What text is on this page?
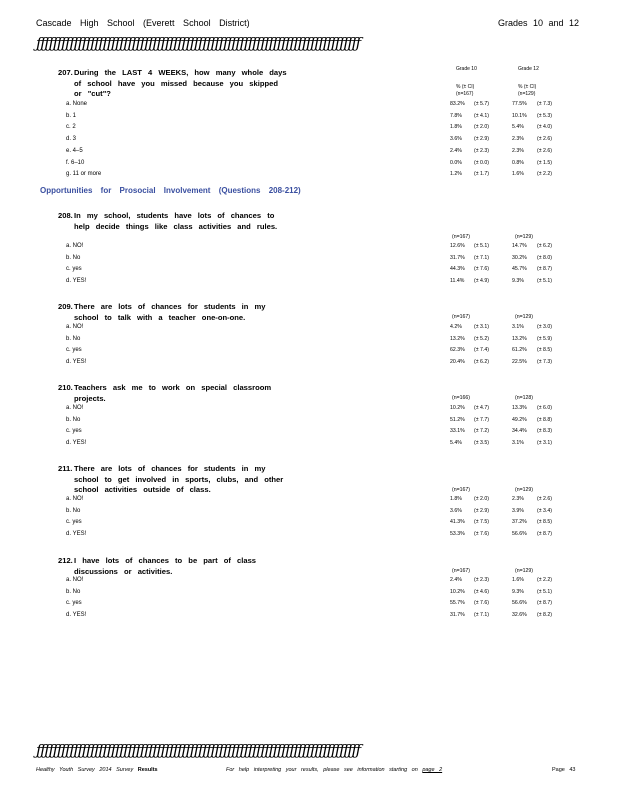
Cascade High School (Everett School District)	Grades 10 and 12
ƒƒƒƒƒƒƒƒƒƒƒƒƒƒƒƒƒƒƒƒƒƒƒƒƒƒƒƒƒƒƒƒƒƒƒƒƒƒƒƒƒƒƒƒƒƒƒƒƒƒƒƒƒƒƒƒƒƒƒƒƒƒƒƒƒƒƒƒƒƒƒƒƒƒƒƒƒƒ
Grade 10	Grade 12
% (± CI)	% (± CI)
(n=167)	(n=129)
207. During the LAST 4 WEEKS, how many whole days of school have you missed because you skipped or "cut"?
Opportunities for Prosocial Involvement (Questions 208-212)
208. In my school, students have lots of chances to help decide things like class activities and rules.
(n=167)	(n=129)
209. There are lots of chances for students in my school to talk with a teacher one-on-one.	(n=167)	(n=129)
210. Teachers ask me to work on special classroom projects.	(n=166)	(n=128)
211. There are lots of chances for students in my school to get involved in sports, clubs, and other school activities outside of class.	(n=167)	(n=129)
212. I have lots of chances to be part of class discussions or activities.	(n=167)	(n=129)
ƒƒƒƒƒƒƒƒƒƒƒƒƒƒƒƒƒƒƒƒƒƒƒƒƒƒƒƒƒƒƒƒƒƒƒƒƒƒƒƒƒƒƒƒƒƒƒƒƒƒƒƒƒƒƒƒƒƒƒƒƒƒƒƒƒƒƒƒƒƒƒƒƒƒƒƒƒƒ
Healthy Youth Survey 2014 Survey Results	For help interpreting your results, please see information starting on page 2	Page 43
a. None	83.2% (± 5.7)	77.5% (± 7.3)
b. 1	7.8% (± 4.1)	10.1% (± 5.3)
c. 2	1.8% (± 2.0)	5.4%	(± 4.0)
d. 3	3.6% (± 2.9)	2.3%	(± 2.6)
e. 4–5	2.4% (± 2.3)	2.3%	(± 2.6)
f. 6–10	0.0% (± 0.0)	0.8%	(± 1.5)
g. 11 or more	1.2% (± 1.7)	1.6%	(± 2.2)
a. NO!	12.6% (± 5.1)	14.7% (± 6.2)
b. No	31.7% (± 7.1)	30.2% (± 8.0)
c. yes	44.3% (± 7.6)	45.7% (± 8.7)
d. YES!	11.4% (± 4.9)	9.3%	(± 5.1)
a. NO!	4.2% (± 3.1)	3.1%	(± 3.0)
b. No	13.2% (± 5.2)	13.2% (± 5.9)
c. yes	62.3% (± 7.4)	61.2% (± 8.5)
d. YES!	20.4% (± 6.2)	22.5% (± 7.3)
a. NO!	10.2% (± 4.7)	13.3% (± 6.0)
b. No	51.2% (± 7.7)	49.2% (± 8.8)
c. yes	33.1% (± 7.2)	34.4% (± 8.3)
d. YES!	5.4% (± 3.5)	3.1%	(± 3.1)
a. NO!	1.8% (± 2.0)	2.3%	(± 2.6)
b. No	3.6% (± 2.9)	3.9%	(± 3.4)
c. yes	41.3% (± 7.5)	37.2% (± 8.5)
d. YES!	53.3% (± 7.6)	56.6% (± 8.7)
a. NO!	2.4% (± 2.3)	1.6%	(± 2.2)
b. No	10.2% (± 4.6)	9.3%	(± 5.1)
c. yes	55.7% (± 7.6)	56.6% (± 8.7)
d. YES!	31.7% (± 7.1)	32.6% (± 8.2)
